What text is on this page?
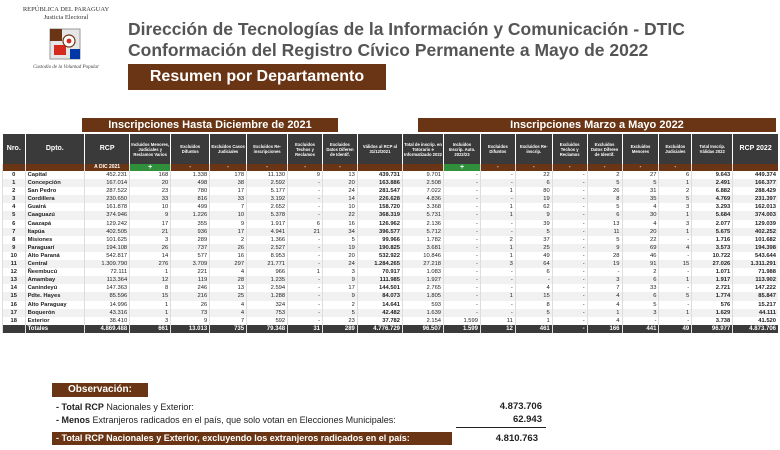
REPÚBLICA DEL PARAGUAY
Justicia Electoral
Custodio de la Voluntad Popular
Dirección de Tecnologías de la Información y Comunicación - DTIC
Conformación del Registro Cívico Permanente a Mayo de 2022
Resumen por Departamento
Inscripciones Hasta Diciembre de 2021	Inscripciones Marzo a Mayo 2022
Nro.	Dpto.	RCP	Incluidos Menores, Judiciales y Reclamos Varios	Excluidos Difuntos	Excluidos Casos Judiciales	Excluidos Re-inscripciones	Excluidos Techos y Reclamos	Excluidos Datos Diferen de Identif.	Válidos al RCP al 31/12/2021	Total de inscrip. en Totorario e Informatizado 2022	Incluidos Inscrip. Auto. 2022/23	Excluidos Difuntos	Excluidos Re-inscrip.	Excluidos Techos y Reclamos	Excluidos Datos Diferen de Identif.	Excluidos Menores	Excluidos Judiciales	Total Inscrip. Válidas 2022	RCP 2022
		A DIC 2021	+	-	-	-	-	-			+	-	-	-	-	-	-		
0	Capital	452.231	168	1.338	178	11.130	9	13	439.731	9.701	-	-	22	-	2	27	6	9.643	449.374
1	Concepción	167.014	20	498	38	2.592	-	20	163.886	2.508	-	-	6	-	5	5	1	2.491	166.377
2	San Pedro	287.522	23	780	17	5.177	-	24	281.547	7.022	-	1	80	-	26	31	2	6.882	288.429
3	Cordillera	230.650	33	816	33	3.192	-	14	226.628	4.836	-	-	19	-	8	35	5	4.769	231.397
4	Guairá	161.878	10	499	7	2.652	-	10	158.720	3.368	-	1	62	-	5	4	3	3.293	162.013
5	Caaguazú	374.946	9	1.226	10	5.378	-	22	368.319	5.731	-	1	9	-	6	30	1	5.684	374.003
6	Caazapá	129.242	17	355	9	1.917	6	16	126.962	2.136	-	-	39	-	13	4	3	2.077	129.039
7	Itapúa	402.505	21	936	17	4.941	21	34	396.577	5.712	-	-	5	-	11	20	1	5.675	402.252
8	Misiones	101.625	3	289	2	1.366	-	5	99.966	1.782	-	2	37	-	5	22	-	1.716	101.682
9	Paraguarí	194.108	26	737	26	2.527	-	19	190.825	3.681	-	1	25	-	9	69	4	3.573	194.398
10	Alto Paraná	542.817	14	577	16	8.953	-	20	532.922	10.846	-	1	49	-	28	46	-	10.722	543.644
11	Central	1.309.790	276	3.709	297	21.771	-	24	1.284.265	27.218	-	3	64	-	19	91	15	27.026	1.311.291
12	Ñeembucú	72.111	1	221	4	966	1	3	70.917	1.083	-	-	6	-	-	2	-	1.071	71.988
13	Amambay	113.364	12	119	28	1.235	-	9	111.985	1.927	-	-	-	-	3	6	1	1.917	113.902
14	Canindeyú	147.363	8	246	13	2.594	-	17	144.501	2.765	-	-	4	-	7	33	-	2.721	147.222
15	Pdte. Hayes	85.596	15	216	25	1.288	-	9	84.073	1.805	-	1	15	-	4	6	5	1.774	85.847
16	Alto Paraguay	14.996	1	26	4	324	-	2	14.641	593	-	-	8	-	4	5	-	576	15.217
17	Boquerón	43.316	1	73	4	753	-	5	42.482	1.639	-	-	5	-	1	3	1	1.629	44.111
18	Exterior	38.410	3	9	7	592	-	23	37.782	2.154	1.599	11	1	-	4	-	-	3.738	41.520
	Totales	4.869.488	661	13.013	735	79.348	31	289	4.776.729	96.507	1.599	12	461	-	166	441	49	96.977	4.873.706
Observación:
- Total RCP Nacionales y Exterior:	4.873.706
- Menos Extranjeros radicados en el país, que solo votan en Elecciones Municipales:	62.943
- Total RCP Nacionales y Exterior, excluyendo los extranjeros radicados en el país:	4.810.763
